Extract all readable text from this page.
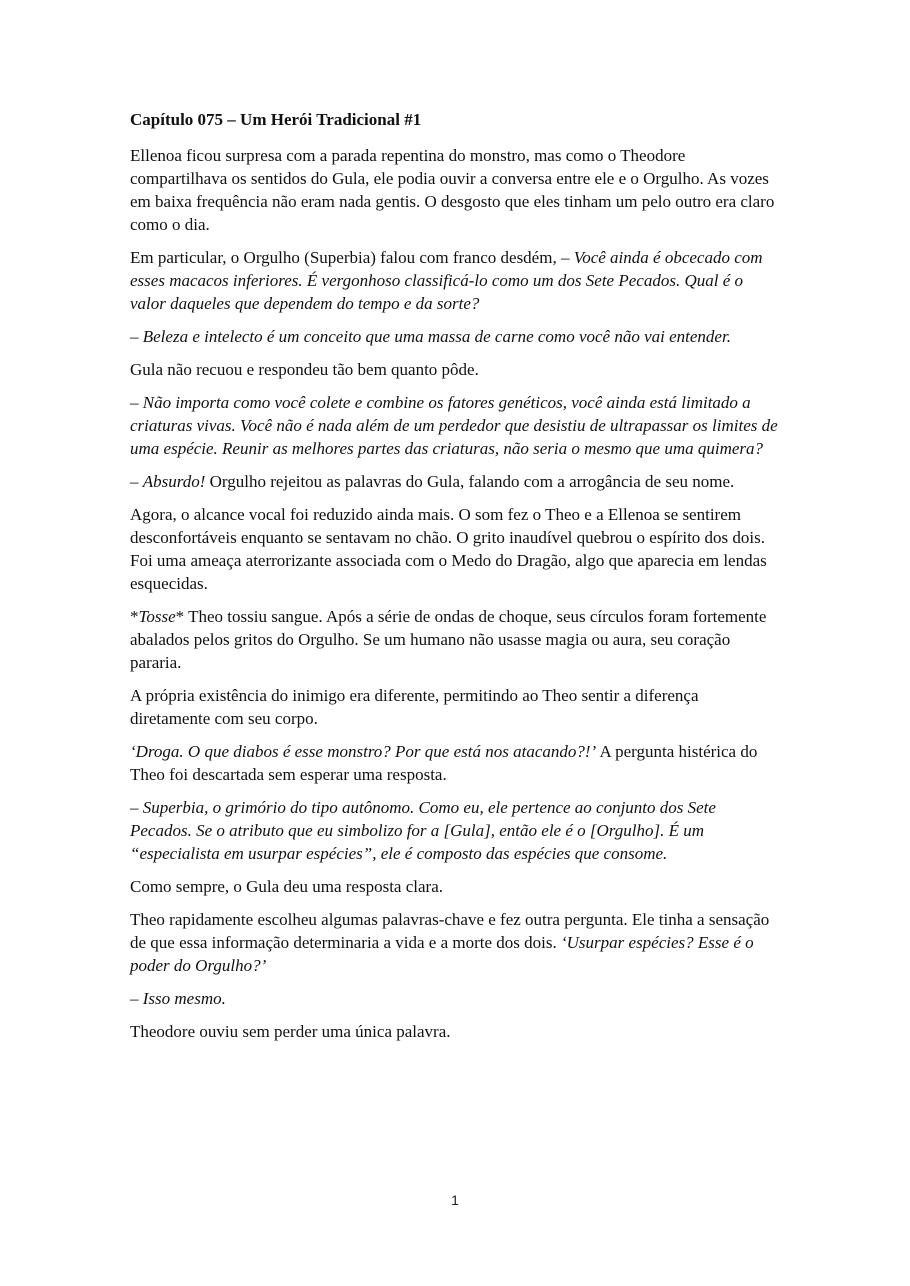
Capítulo 075 – Um Herói Tradicional #1

Ellenoa ficou surpresa com a parada repentina do monstro, mas como o Theodore compartilhava os sentidos do Gula, ele podia ouvir a conversa entre ele e o Orgulho. As vozes em baixa frequência não eram nada gentis. O desgosto que eles tinham um pelo outro era claro como o dia.

Em particular, o Orgulho (Superbia) falou com franco desdém, – Você ainda é obcecado com esses macacos inferiores. É vergonhoso classificá-lo como um dos Sete Pecados. Qual é o valor daqueles que dependem do tempo e da sorte?

– Beleza e intelecto é um conceito que uma massa de carne como você não vai entender.

Gula não recuou e respondeu tão bem quanto pôde.

– Não importa como você colete e combine os fatores genéticos, você ainda está limitado a criaturas vivas. Você não é nada além de um perdedor que desistiu de ultrapassar os limites de uma espécie. Reunir as melhores partes das criaturas, não seria o mesmo que uma quimera?

– Absurdo! Orgulho rejeitou as palavras do Gula, falando com a arrogância de seu nome.

Agora, o alcance vocal foi reduzido ainda mais. O som fez o Theo e a Ellenoa se sentirem desconfortáveis enquanto se sentavam no chão. O grito inaudível quebrou o espírito dos dois. Foi uma ameaça aterrorizante associada com o Medo do Dragão, algo que aparecia em lendas esquecidas.

*Tosse* Theo tossiu sangue. Após a série de ondas de choque, seus círculos foram fortemente abalados pelos gritos do Orgulho. Se um humano não usasse magia ou aura, seu coração pararia.

A própria existência do inimigo era diferente, permitindo ao Theo sentir a diferença diretamente com seu corpo.

‘Droga. O que diabos é esse monstro? Por que está nos atacando?!’ A pergunta histérica do Theo foi descartada sem esperar uma resposta.

– Superbia, o grimório do tipo autônomo. Como eu, ele pertence ao conjunto dos Sete Pecados. Se o atributo que eu simbolizo for a [Gula], então ele é o [Orgulho]. É um “especialista em usurpar espécies”, ele é composto das espécies que consome.

Como sempre, o Gula deu uma resposta clara.

Theo rapidamente escolheu algumas palavras-chave e fez outra pergunta. Ele tinha a sensação de que essa informação determinaria a vida e a morte dos dois. ‘Usurpar espécies? Esse é o poder do Orgulho?’

– Isso mesmo.

Theodore ouviu sem perder uma única palavra.

1
